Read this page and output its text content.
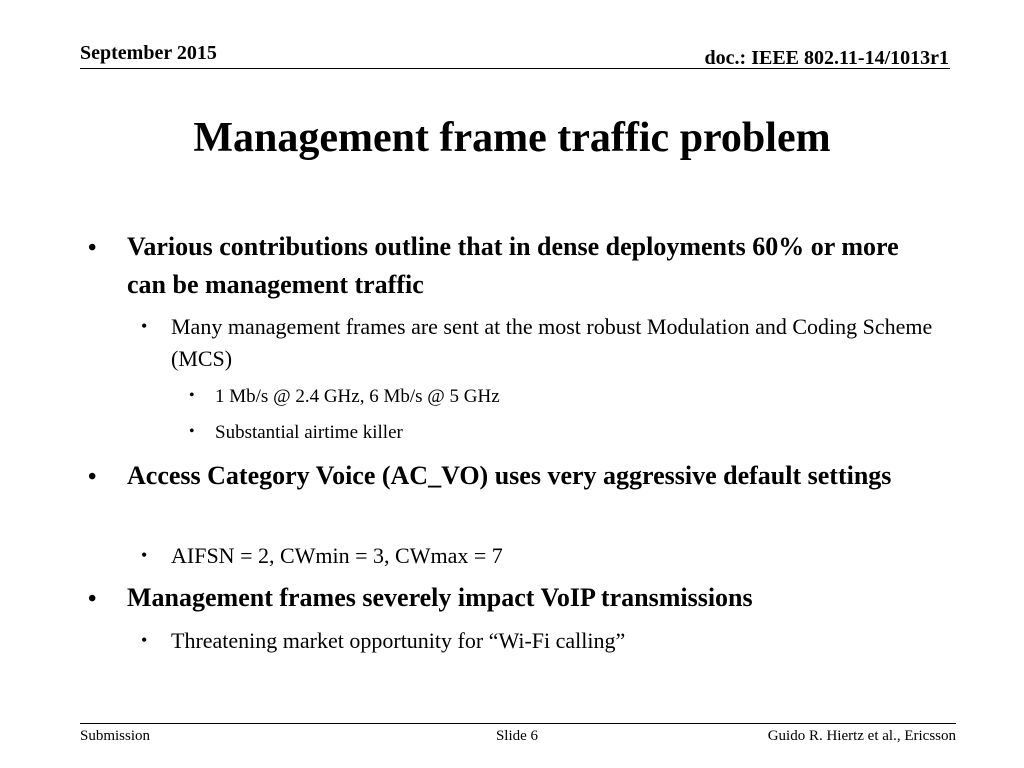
September 2015	doc.: IEEE 802.11-14/1013r1
Management frame traffic problem
• Various contributions outline that in dense deployments 60% or more can be management traffic
• Many management frames are sent at the most robust Modulation and Coding Scheme (MCS)
• 1 Mb/s @ 2.4 GHz, 6 Mb/s @ 5 GHz
• Substantial airtime killer
• Access Category Voice (AC_VO) uses very aggressive default settings
• AIFSN = 2, CWmin = 3, CWmax = 7
• Management frames severely impact VoIP transmissions
• Threatening market opportunity for “Wi-Fi calling”
Submission	Slide 6	Guido R. Hiertz et al., Ericsson
